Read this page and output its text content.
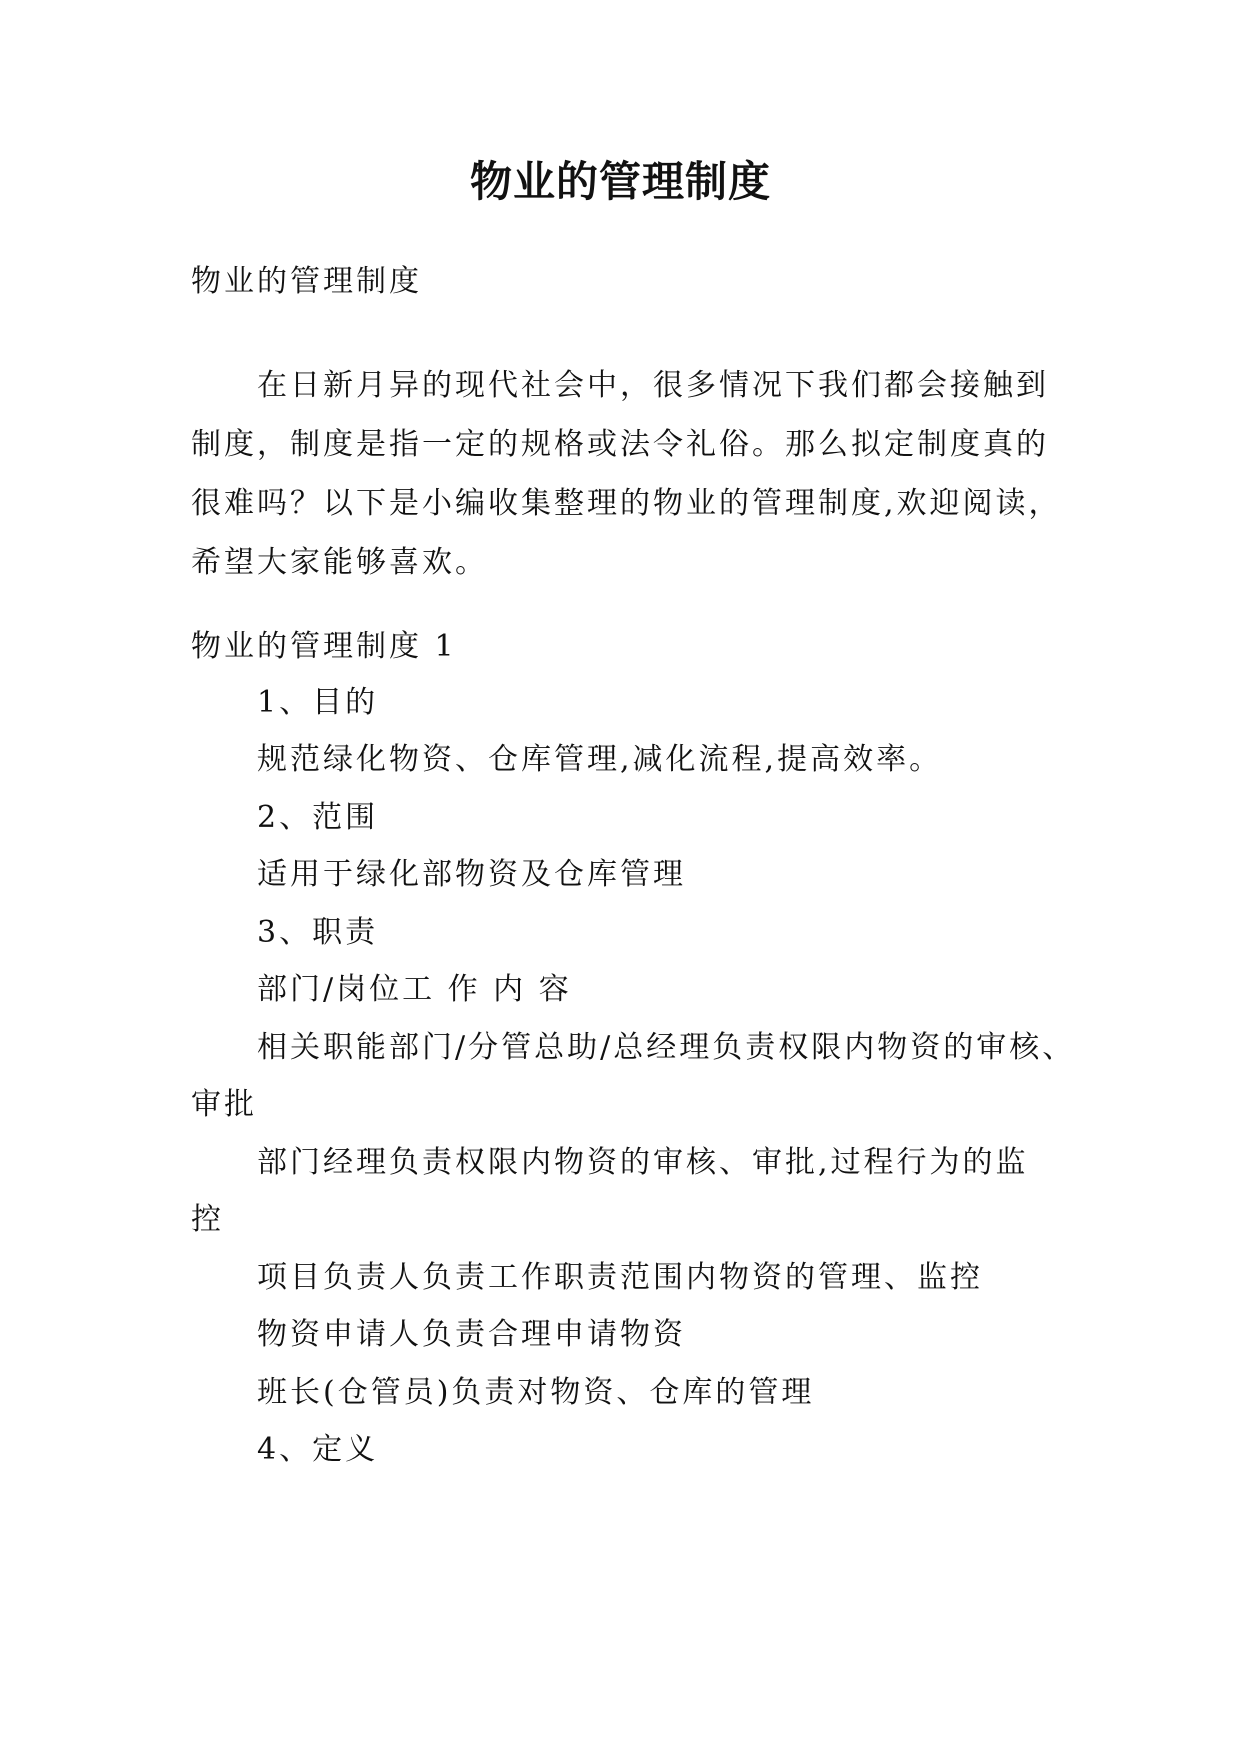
物业的管理制度
物业的管理制度
在日新月异的现代社会中，很多情况下我们都会接触到制度，制度是指一定的规格或法令礼俗。那么拟定制度真的很难吗？以下是小编收集整理的物业的管理制度,欢迎阅读，希望大家能够喜欢。
物业的管理制度 1
1、目的
规范绿化物资、仓库管理,减化流程,提高效率。
2、范围
适用于绿化部物资及仓库管理
3、职责
部门/岗位工 作 内 容
相关职能部门/分管总助/总经理负责权限内物资的审核、
审批
部门经理负责权限内物资的审核、审批,过程行为的监
控
项目负责人负责工作职责范围内物资的管理、监控
物资申请人负责合理申请物资
班长(仓管员)负责对物资、仓库的管理
4、定义
